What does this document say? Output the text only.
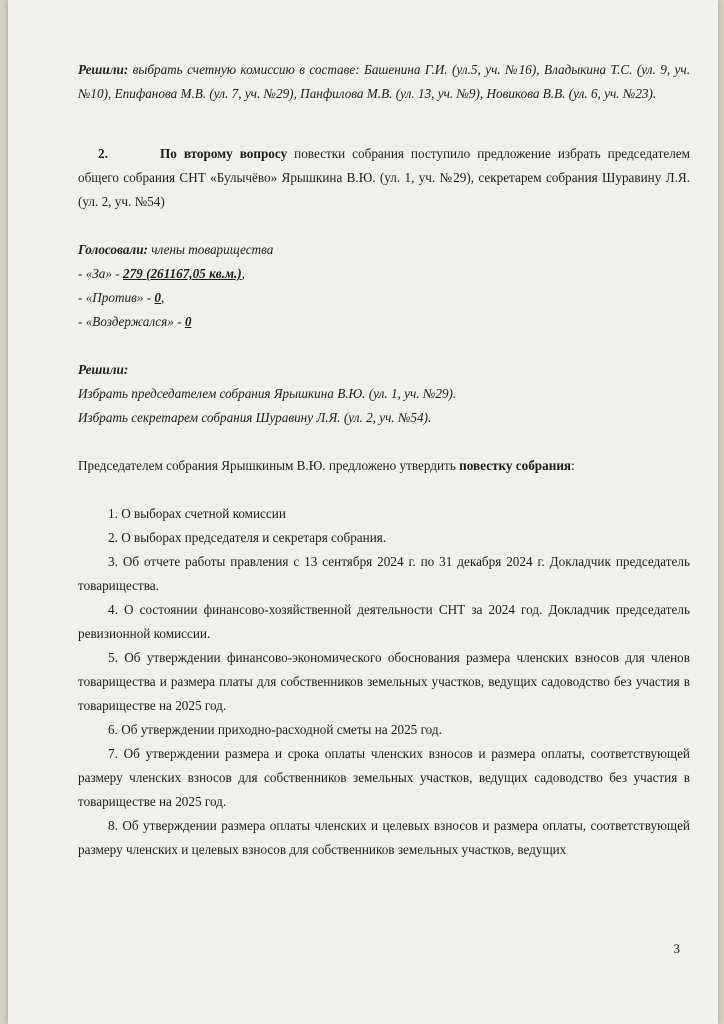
Решили: выбрать счетную комиссию в составе: Башенина Г.И. (ул.5, уч. №16), Владыкина Т.С. (ул. 9, уч. №10), Епифанова М.В. (ул. 7, уч. №29), Панфилова М.В. (ул. 13, уч. №9), Новикова В.В. (ул. 6, уч. №23).

2.	По второму вопросу повестки собрания поступило предложение избрать председателем общего собрания СНТ «Булычёво» Ярышкина В.Ю. (ул. 1, уч. №29), секретарем собрания Шуравину Л.Я. (ул. 2, уч. №54)

Голосовали: члены товарищества

- «За» - 279 (261167,05 кв.м.),

- «Против» - 0,

- «Воздержался» - 0

Решили:

Избрать председателем собрания Ярышкина В.Ю. (ул. 1, уч. №29).

Избрать секретарем собрания Шуравину Л.Я. (ул. 2, уч. №54).

Председателем собрания Ярышкиным В.Ю. предложено утвердить повестку собрания:

1. О выборах счетной комиссии

2. О выборах председателя и секретаря собрания.

3. Об отчете работы правления с 13 сентября 2024 г. по 31 декабря 2024 г. Докладчик председатель товарищества.

4. О состоянии финансово-хозяйственной деятельности СНТ за 2024 год. Докладчик председатель ревизионной комиссии.

5. Об утверждении финансово-экономического обоснования размера членских взносов для членов товарищества и размера платы для собственников земельных участков, ведущих садоводство без участия в товариществе на 2025 год.

6. Об утверждении приходно-расходной сметы на 2025 год.

7. Об утверждении размера и срока оплаты членских взносов и размера оплаты, соответствующей размеру членских взносов для собственников земельных участков, ведущих садоводство без участия в товариществе на 2025 год.

8. Об утверждении размера оплаты членских и целевых взносов и размера оплаты, соответствующей размеру членских и целевых взносов для собственников земельных участков, ведущих

3
